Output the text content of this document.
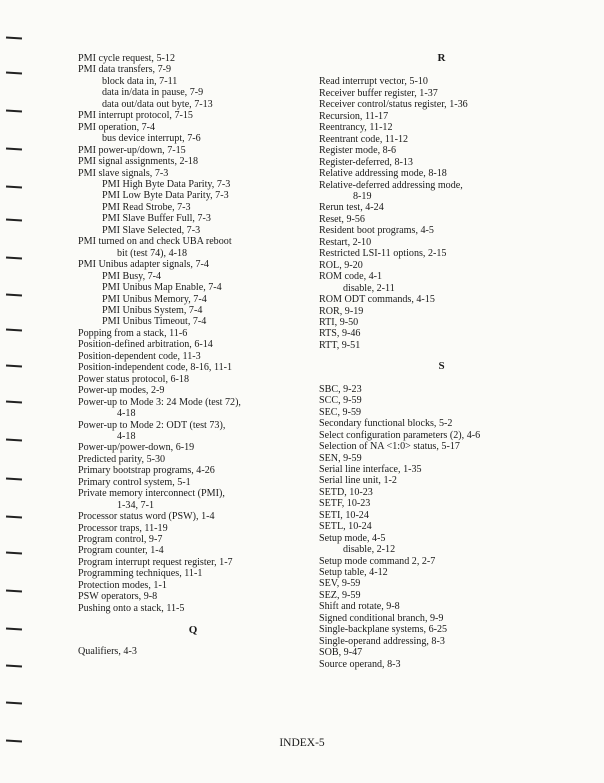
PMI cycle request, 5-12
PMI data transfers, 7-9
block data in, 7-11
data in/data in pause, 7-9
data out/data out byte, 7-13
PMI interrupt protocol, 7-15
PMI operation, 7-4
bus device interrupt, 7-6
PMI power-up/down, 7-15
PMI signal assignments, 2-18
PMI slave signals, 7-3
PMI High Byte Data Parity, 7-3
PMI Low Byte Data Parity, 7-3
PMI Read Strobe, 7-3
PMI Slave Buffer Full, 7-3
PMI Slave Selected, 7-3
PMI turned on and check UBA reboot
bit (test 74), 4-18
PMI Unibus adapter signals, 7-4
PMI Busy, 7-4
PMI Unibus Map Enable, 7-4
PMI Unibus Memory, 7-4
PMI Unibus System, 7-4
PMI Unibus Timeout, 7-4
Popping from a stack, 11-6
Position-defined arbitration, 6-14
Position-dependent code, 11-3
Position-independent code, 8-16, 11-1
Power status protocol, 6-18
Power-up modes, 2-9
Power-up to Mode 3: 24 Mode (test 72),
4-18
Power-up to Mode 2: ODT (test 73),
4-18
Power-up/power-down, 6-19
Predicted parity, 5-30
Primary bootstrap programs, 4-26
Primary control system, 5-1
Private memory interconnect (PMI),
1-34, 7-1
Processor status word (PSW), 1-4
Processor traps, 11-19
Program control, 9-7
Program counter, 1-4
Program interrupt request register, 1-7
Programming techniques, 11-1
Protection modes, 1-1
PSW operators, 9-8
Pushing onto a stack, 11-5
Q
Qualifiers, 4-3
R
Read interrupt vector, 5-10
Receiver buffer register, 1-37
Receiver control/status register, 1-36
Recursion, 11-17
Reentrancy, 11-12
Reentrant code, 11-12
Register mode, 8-6
Register-deferred, 8-13
Relative addressing mode, 8-18
Relative-deferred addressing mode,
8-19
Rerun test, 4-24
Reset, 9-56
Resident boot programs, 4-5
Restart, 2-10
Restricted LSI-11 options, 2-15
ROL, 9-20
ROM code, 4-1
disable, 2-11
ROM ODT commands, 4-15
ROR, 9-19
RTI, 9-50
RTS, 9-46
RTT, 9-51
S
SBC, 9-23
SCC, 9-59
SEC, 9-59
Secondary functional blocks, 5-2
Select configuration parameters (2), 4-6
Selection of NA <1:0> status, 5-17
SEN, 9-59
Serial line interface, 1-35
Serial line unit, 1-2
SETD, 10-23
SETF, 10-23
SETI, 10-24
SETL, 10-24
Setup mode, 4-5
disable, 2-12
Setup mode command 2, 2-7
Setup table, 4-12
SEV, 9-59
SEZ, 9-59
Shift and rotate, 9-8
Signed conditional branch, 9-9
Single-backplane systems, 6-25
Single-operand addressing, 8-3
SOB, 9-47
Source operand, 8-3
INDEX-5
